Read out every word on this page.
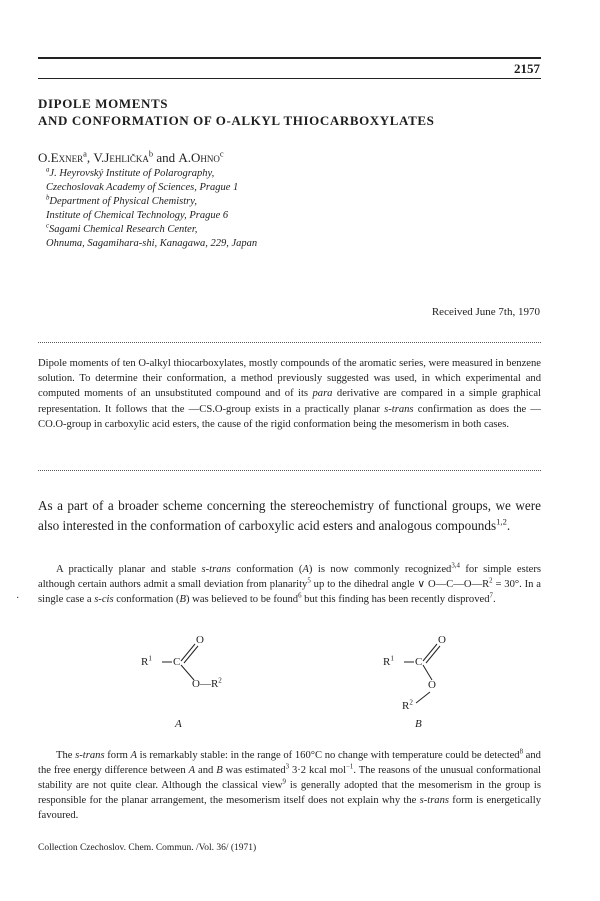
2157
DIPOLE MOMENTS
AND CONFORMATION OF O-ALKYL THIOCARBOXYLATES
O.Exner$^a$, V.Jehlička$^b$ and A.Ohno$^c$
$^a$J. Heyrovský Institute of Polarography,
Czechoslovak Academy of Sciences, Prague 1
$^b$Department of Physical Chemistry,
Institute of Chemical Technology, Prague 6
$^c$Sagami Chemical Research Center,
Ohnuma, Sagamihara-shi, Kanagawa, 229, Japan
Received June 7th, 1970
Dipole moments of ten O-alkyl thiocarboxylates, mostly compounds of the aromatic series, were measured in benzene solution. To determine their conformation, a method previously suggested was used, in which experimental and computed moments of an unsubstituted compound and of its para derivative are compared in a simple graphical representation. It follows that the —CS.O-group exists in a practically planar s-trans confirmation as does the —CO.O-group in carboxylic acid esters, the cause of the rigid conformation being the mesomerism in both cases.
As a part of a broader scheme concerning the stereochemistry of functional groups, we were also interested in the conformation of carboxylic acid esters and analogous compounds$^{1,2}$.
·
A practically planar and stable s-trans conformation (A) is now commonly recognized$^{3,4}$ for simple esters although certain authors admit a small deviation from planarity$^5$ up to the dihedral angle ∨ $O—C—O—R^2 = 30^\circ$. In a single case a s-cis conformation (B) was believed to be found$^6$ but this finding has been recently disproved$^7$.
O
$R^1$ C
$O—R^2$
A
O
$R^1$ C
O
$R^2$
B
The s-trans form A is remarkably stable: in the range of 160°C no change with temperature could be detected$^8$ and the free energy difference between A and B was estimated$^3$ 3·2 kcal mol$^{-1}$. The reasons of the unusual conformational stability are not quite clear. Although the classical view$^9$ is generally adopted that the mesomerism in the group is responsible for the planar arrangement, the mesomerism itself does not explain why the s-trans form is energetically favoured.
Collection Czechoslov. Chem. Commun. /Vol. 36/ (1971)
